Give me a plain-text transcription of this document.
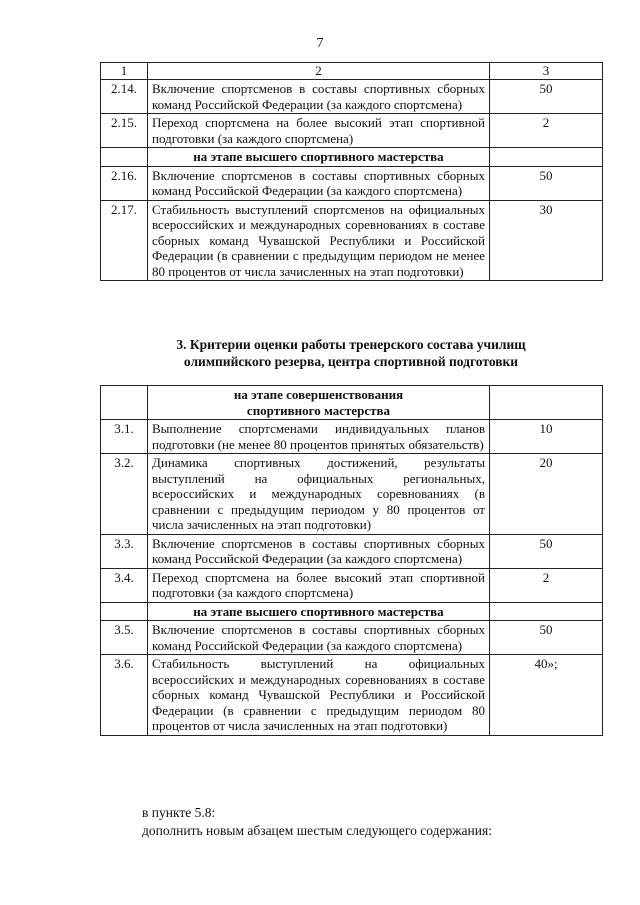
7
1	2	3
2.14.	Включение спортсменов в составы спортивных сборных команд Российской Федерации (за каждого спортсмена)	50
2.15.	Переход спортсмена на более высокий этап спортивной подготовки (за каждого спортсмена)	2
	на этапе высшего спортивного мастерства	
2.16.	Включение спортсменов в составы спортивных сборных команд Российской Федерации (за каждого спортсмена)	50
2.17.	Стабильность выступлений спортсменов на официальных всероссийских и международных соревнованиях в составе сборных команд Чувашской Республики и Российской Федерации (в сравнении с предыдущим периодом не менее 80 процентов от числа зачисленных на этап подготовки)	30
3. Критерии оценки работы тренерского состава училищ
олимпийского резерва, центра спортивной подготовки
	на этапе совершенствования спортивного мастерства	
3.1.	Выполнение спортсменами индивидуальных планов подготовки (не менее 80 процентов принятых обязательств)	10
3.2.	Динамика спортивных достижений, результаты выступлений на официальных региональных, всероссийских и международных соревнованиях (в сравнении с предыдущим периодом у 80 процентов от числа зачисленных на этап подготовки)	20
3.3.	Включение спортсменов в составы спортивных сборных команд Российской Федерации (за каждого спортсмена)	50
3.4.	Переход спортсмена на более высокий этап спортивной подготовки (за каждого спортсмена)	2
	на этапе высшего спортивного мастерства	
3.5.	Включение спортсменов в составы спортивных сборных команд Российской Федерации (за каждого спортсмена)	50
3.6.	Стабильность выступлений на официальных всероссийских и международных соревнованиях в составе сборных команд Чувашской Республики и Российской Федерации (в сравнении с предыдущим периодом 80 процентов от числа зачисленных на этап подготовки)	40»;
в пункте 5.8:
дополнить новым абзацем шестым следующего содержания:
